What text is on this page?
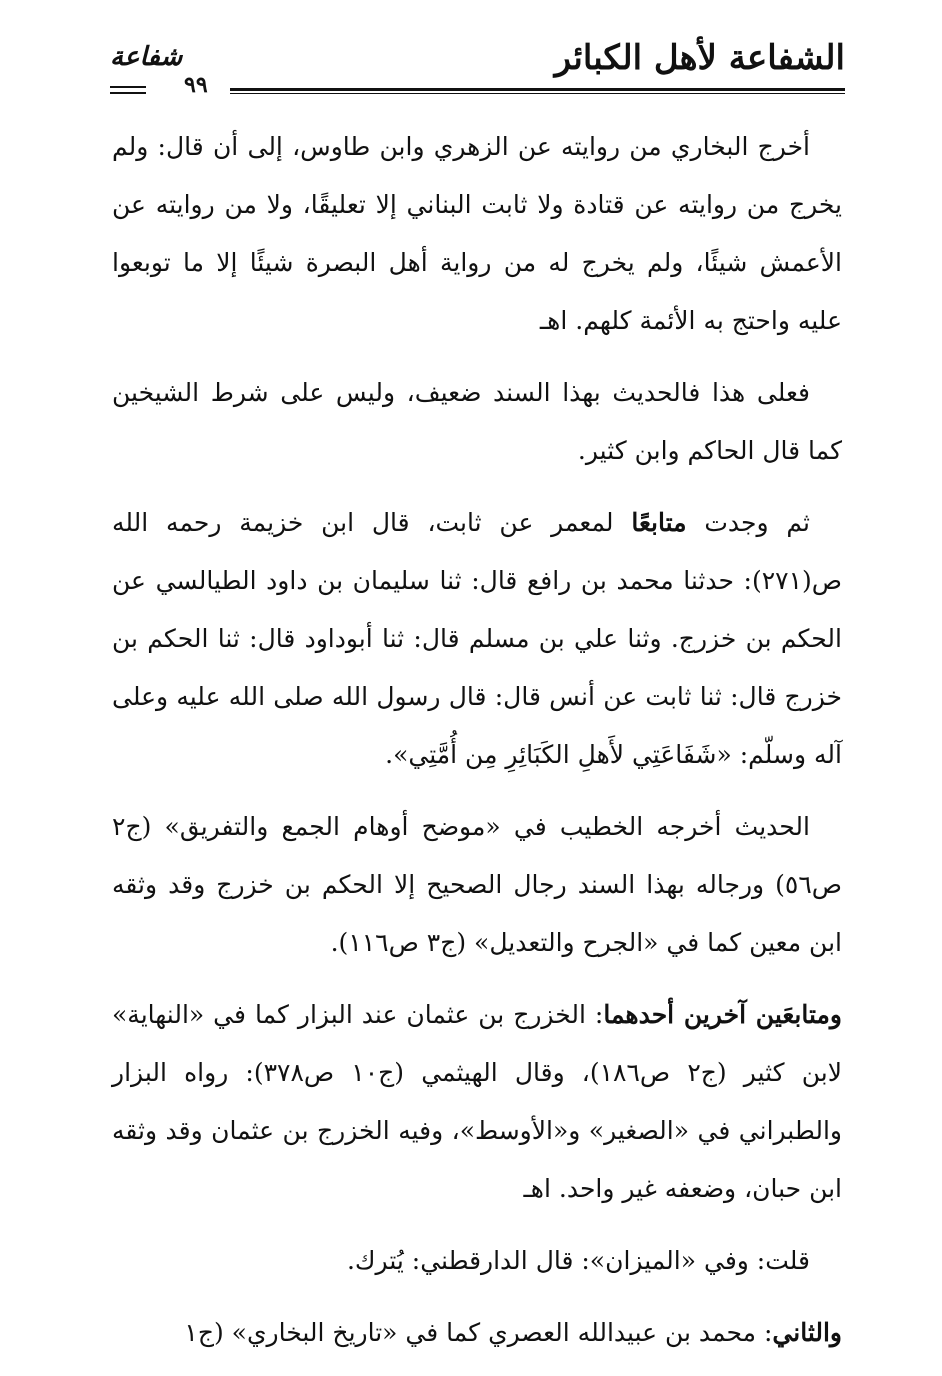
الشفاعة لأهل الكبائر
شفاعة
٩٩

أخرج البخاري من روايته عن الزهري وابن طاوس، إلى أن قال: ولم يخرج من روايته عن قتادة ولا ثابت البناني إلا تعليقًا، ولا من روايته عن الأعمش شيئًا، ولم يخرج له من رواية أهل البصرة شيئًا إلا ما توبعوا عليه واحتج به الأئمة كلهم. اهـ

فعلى هذا فالحديث بهذا السند ضعيف، وليس على شرط الشيخين كما قال الحاكم وابن كثير.

ثم وجدت متابعًا لمعمر عن ثابت، قال ابن خزيمة رحمه الله ص(٢٧١): حدثنا محمد بن رافع قال: ثنا سليمان بن داود الطيالسي عن الحكم بن خزرج. وثنا علي بن مسلم قال: ثنا أبوداود قال: ثنا الحكم بن خزرج قال: ثنا ثابت عن أنس قال: قال رسول الله صلى الله عليه وعلى آله وسلّم: «شَفَاعَتِي لأَهلِ الكَبَائِرِ مِن أُمَّتِي».

الحديث أخرجه الخطيب في «موضح أوهام الجمع والتفريق» (ج٢ ص٥٦) ورجاله بهذا السند رجال الصحيح إلا الحكم بن خزرج وقد وثقه ابن معين كما في «الجرح والتعديل» (ج٣ ص١١٦).

ومتابعَين آخرين أحدهما: الخزرج بن عثمان عند البزار كما في «النهاية» لابن كثير (ج٢ ص١٨٦)، وقال الهيثمي (ج١٠ ص٣٧٨): رواه البزار والطبراني في «الصغير» و«الأوسط»، وفيه الخزرج بن عثمان وقد وثقه ابن حبان، وضعفه غير واحد. اهـ

قلت: وفي «الميزان»: قال الدارقطني: يُترك.

والثاني: محمد بن عبيدالله العصري كما في «تاريخ البخاري» (ج١
